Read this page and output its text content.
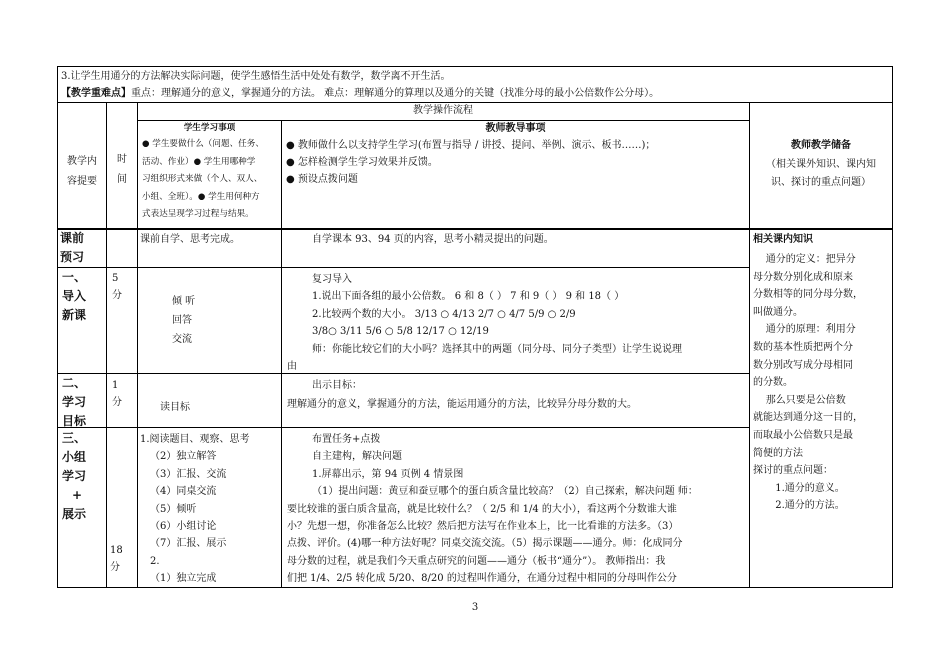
3.让学生用通分的方法解决实际问题，使学生感悟生活中处处有数学，数学离不开生活。
【教学重难点】重点：理解通分的意义，掌握通分的方法。 难点：理解通分的算理以及通分的关键（找准分母的最小公倍数作公分母）。
教学操作流程
教学内
容提要
时
间
学生学习事项
● 学生要做什么（问题、任务、
活动、作业）● 学生用哪种学
习组织形式来做（个人、双人、
小组、全班）。● 学生用何种方
式表达呈现学习过程与结果。
教师教导事项
● 教师做什么以支持学生学习(布置与指导 / 讲授、提问、举例、演示、板书……)；
● 怎样检测学生学习效果并反馈。
● 预设点拨问题
教师教学储备
（相关课外知识、课内知
识、探讨的重点问题）
课前
预习
课前自学、思考完成。	自学课本 93、94 页的内容，思考小精灵提出的问题。
一、
导入
新课
5
分
倾 听
回答
交流
复习导入
1.说出下面各组的最小公倍数。 6 和 8（ ） 7 和 9（ ） 9 和 18（ ）
2.比较两个数的大小。 3/13 ○ 4/13 2/7 ○ 4/7 5/9 ○ 2/9
3/8○ 3/11 5/6 ○ 5/8 12/17 ○ 12/19
师：你能比较它们的大小吗？选择其中的两题（同分母、同分子类型）让学生说说理
由
二、
学习
目标
1
分	读目标
出示目标：
理解通分的意义，掌握通分的方法，能运用通分的方法，比较异分母分数的大。
三、
小组
学习
+
展示
18
分
1.阅读题目、观察、思考
（2）独立解答
（3）汇报、交流
（4）同桌交流
（5）倾听
（6）小组讨论
（7）汇报、展示
2.
（1）独立完成
布置任务+点拨
自主建构，解决问题
1.屏幕出示，第 94 页例 4 情景图
（1）提出问题：黄豆和蚕豆哪个的蛋白质含量比较高？（2）自己探索，解决问题 师：
要比较谁的蛋白质含量高，就是比较什么？（ 2/5 和 1/4 的大小），看这两个分数谁大谁
小？先想一想，你准备怎么比较？然后把方法写在作业本上，比一比看谁的方法多。（3）
点拨、评价。(4)哪一种方法好呢？同桌交流交流。（5）揭示课题——通分。师：化成同分
母分数的过程，就是我们今天重点研究的问题——通分（板书“通分”）。 教师指出：我
们把 1/4、2/5 转化成 5/20、8/20 的过程叫作通分，在通分过程中相同的分母叫作公分
相关课内知识
通分的定义：把异分
母分数分别化成和原来
分数相等的同分母分数，
叫做通分。
通分的原理：利用分
数的基本性质把两个分
数分别改写成分母相同
的分数。
那么只要是公倍数
就能达到通分这一目的，
而取最小公倍数只是最
简便的方法
探讨的重点问题：
1.通分的意义。
2.通分的方法。
3
